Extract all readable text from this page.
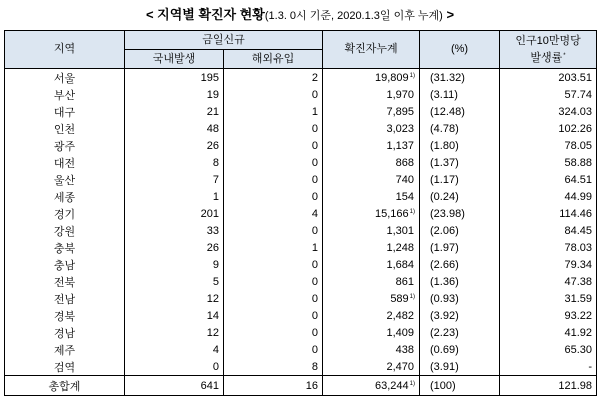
< 지역별 확진자 현황(1.3. 0시 기준, 2020.1.3일 이후 누계) >
지역	금일신규		확진자누계	(%)	인구10만명당
발생률*
	국내발생	해외유입			
서울	195	2	19,809$^{1)}$	(31.32)	203.51
부산	19	0	1,970	(3.11)	57.74
대구	21	1	7,895	(12.48)	324.03
인천	48	0	3,023	(4.78)	102.26
광주	26	0	1,137	(1.80)	78.05
대전	8	0	868	(1.37)	58.88
울산	7	0	740	(1.17)	64.51
세종	1	0	154	(0.24)	44.99
경기	201	4	15,166$^{1)}$	(23.98)	114.46
강원	33	0	1,301	(2.06)	84.45
충북	26	1	1,248	(1.97)	78.03
충남	9	0	1,684	(2.66)	79.34
전북	5	0	861	(1.36)	47.38
전남	12	0	589$^{1)}$	(0.93)	31.59
경북	14	0	2,482	(3.92)	93.22
경남	12	0	1,409	(2.23)	41.92
제주	4	0	438	(0.69)	65.30
검역	0	8	2,470	(3.91)	-
총합계	641	16	63,244$^{1)}$	(100)	121.98
